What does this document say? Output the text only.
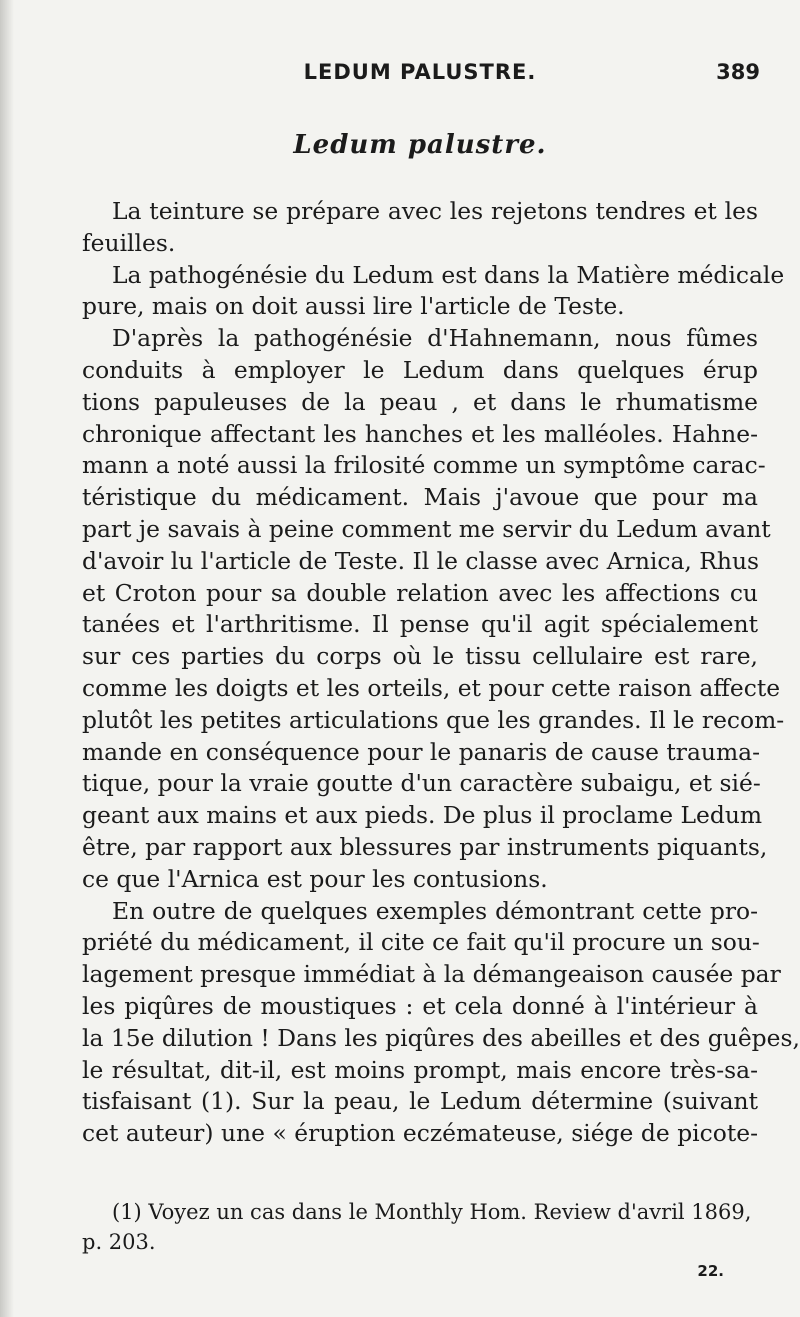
LEDUM PALUSTRE.	389
Ledum palustre.
La teinture se prépare avec les rejetons tendres et les
feuilles.
La pathogénésie du Ledum est dans la Matière médicale
pure, mais on doit aussi lire l'article de Teste.
D'après la pathogénésie d'Hahnemann, nous fûmes
conduits à employer le Ledum dans quelques érup
tions papuleuses de la peau , et dans le rhumatisme
chronique affectant les hanches et les malléoles. Hahne-
mann a noté aussi la frilosité comme un symptôme carac-
téristique du médicament. Mais j'avoue que pour ma
part je savais à peine comment me servir du Ledum avant
d'avoir lu l'article de Teste. Il le classe avec Arnica, Rhus
et Croton pour sa double relation avec les affections cu
tanées et l'arthritisme. Il pense qu'il agit spécialement
sur ces parties du corps où le tissu cellulaire est rare,
comme les doigts et les orteils, et pour cette raison affecte
plutôt les petites articulations que les grandes. Il le recom-
mande en conséquence pour le panaris de cause trauma-
tique, pour la vraie goutte d'un caractère subaigu, et sié-
geant aux mains et aux pieds. De plus il proclame Ledum
être, par rapport aux blessures par instruments piquants,
ce que l'Arnica est pour les contusions.
En outre de quelques exemples démontrant cette pro-
priété du médicament, il cite ce fait qu'il procure un sou-
lagement presque immédiat à la démangeaison causée par
les piqûres de moustiques : et cela donné à l'intérieur à
la 15e dilution ! Dans les piqûres des abeilles et des guêpes,
le résultat, dit-il, est moins prompt, mais encore très-sa-
tisfaisant (1). Sur la peau, le Ledum détermine (suivant
cet auteur) une « éruption eczémateuse, siége de picote-
(1) Voyez un cas dans le Monthly Hom. Review d'avril 1869,
p. 203.
22.
